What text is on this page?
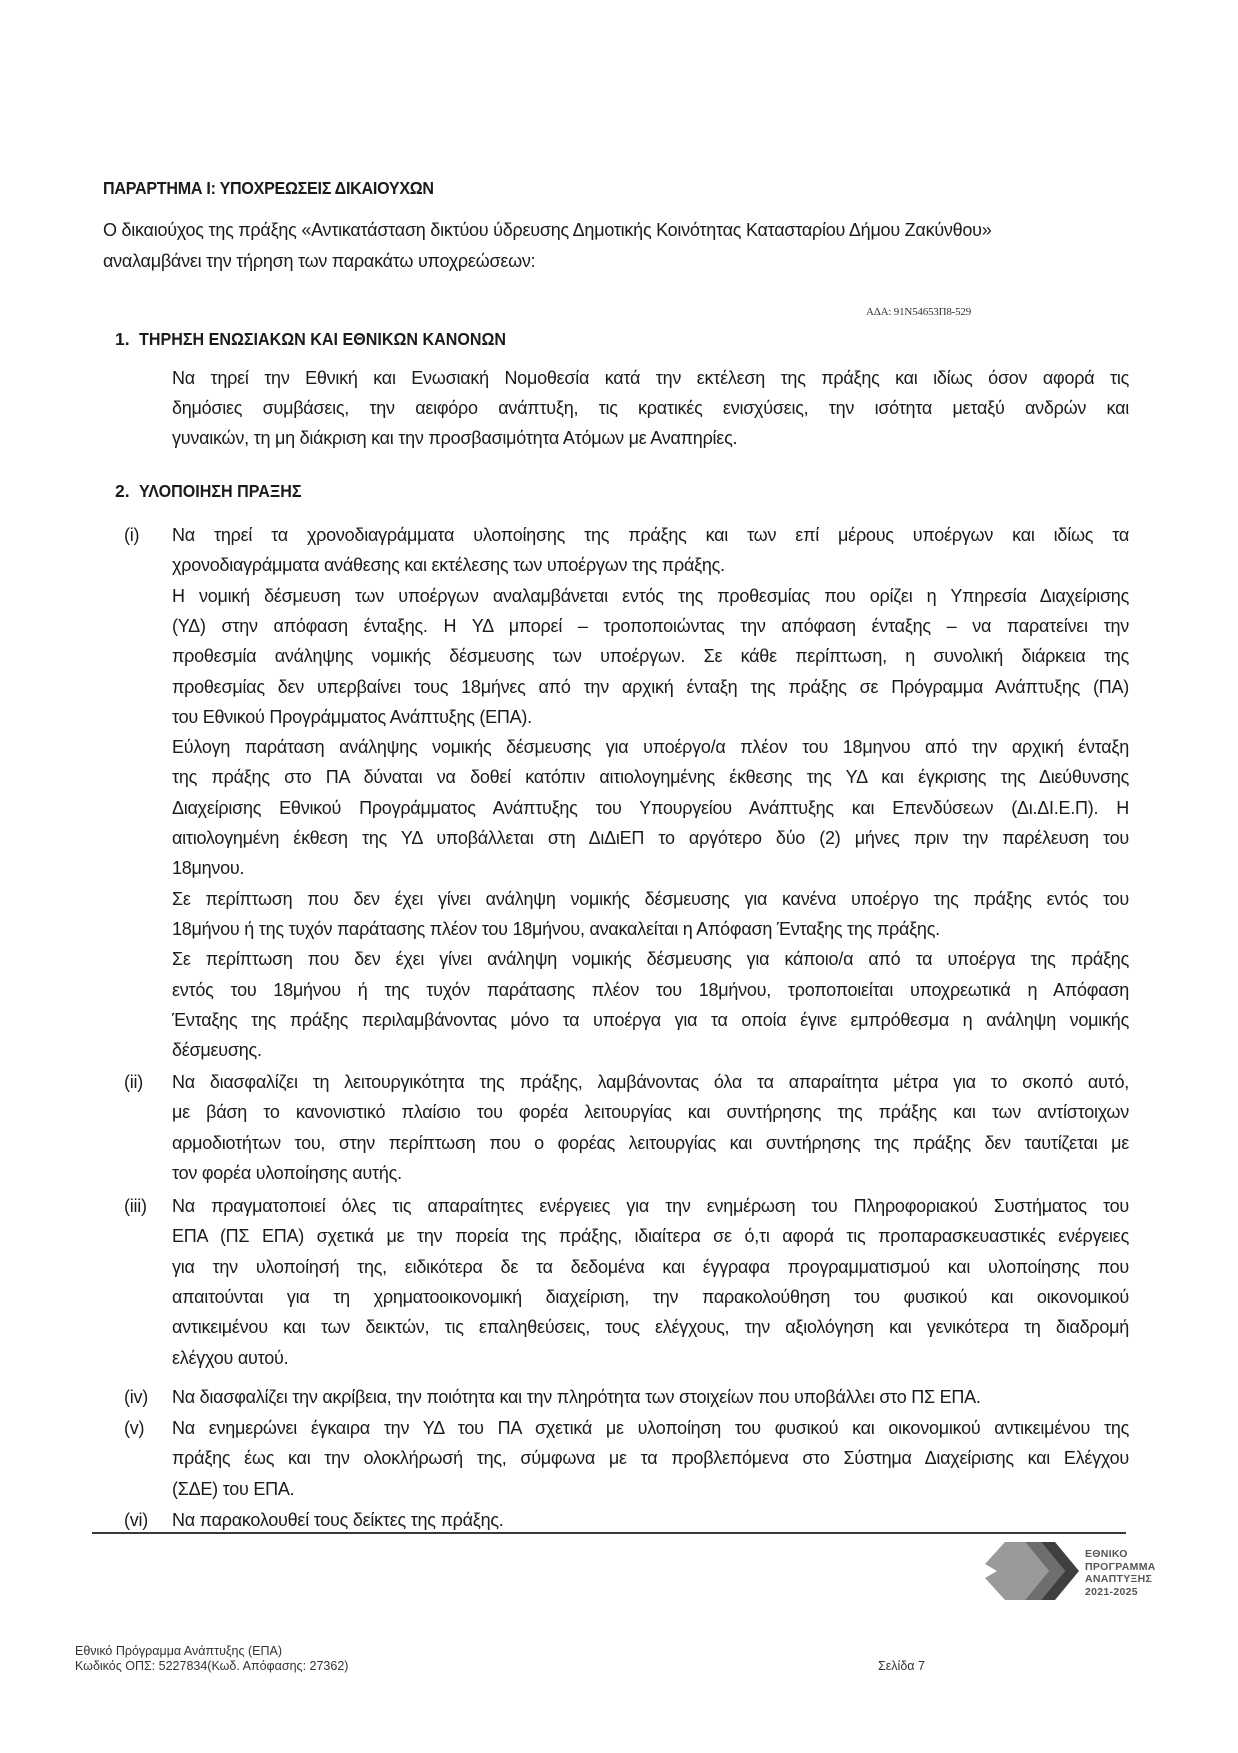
ΠΑΡΑΡΤΗΜΑ Ι: ΥΠΟΧΡΕΩΣΕΙΣ ΔΙΚΑΙΟΥΧΩΝ
Ο δικαιούχος της πράξης «Αντικατάσταση δικτύου ύδρευσης Δημοτικής Κοινότητας Κατασταρίου Δήμου Ζακύνθου»
αναλαμβάνει την τήρηση των παρακάτω υποχρεώσεων:
ΑΔΑ: 91Ν54653Π8-529
1. ΤΗΡΗΣΗ ΕΝΩΣΙΑΚΩΝ ΚΑΙ ΕΘΝΙΚΩΝ ΚΑΝΟΝΩΝ
Να τηρεί την Εθνική και Ενωσιακή Νομοθεσία κατά την εκτέλεση της πράξης και ιδίως όσον αφορά τις
δημόσιες συμβάσεις, την αειφόρο ανάπτυξη, τις κρατικές ενισχύσεις, την ισότητα μεταξύ ανδρών και
γυναικών, τη μη διάκριση και την προσβασιμότητα Ατόμων με Αναπηρίες.
2. ΥΛΟΠΟΙΗΣΗ ΠΡΑΞΗΣ
(i) Να τηρεί τα χρονοδιαγράμματα υλοποίησης της πράξης και των επί μέρους υποέργων και ιδίως τα
χρονοδιαγράμματα ανάθεσης και εκτέλεσης των υποέργων της πράξης.
Η νομική δέσμευση των υποέργων αναλαμβάνεται εντός της προθεσμίας που ορίζει η Υπηρεσία Διαχείρισης
(ΥΔ) στην απόφαση ένταξης. Η ΥΔ μπορεί – τροποποιώντας την απόφαση ένταξης – να παρατείνει την
προθεσμία ανάληψης νομικής δέσμευσης των υποέργων. Σε κάθε περίπτωση, η συνολική διάρκεια της
προθεσμίας δεν υπερβαίνει τους 18μήνες από την αρχική ένταξη της πράξης σε Πρόγραμμα Ανάπτυξης (ΠΑ)
του Εθνικού Προγράμματος Ανάπτυξης (ΕΠΑ).
Εύλογη παράταση ανάληψης νομικής δέσμευσης για υποέργο/α πλέον του 18μηνου από την αρχική ένταξη
της πράξης στο ΠΑ δύναται να δοθεί κατόπιν αιτιολογημένης έκθεσης της ΥΔ και έγκρισης της Διεύθυνσης
Διαχείρισης Εθνικού Προγράμματος Ανάπτυξης του Υπουργείου Ανάπτυξης και Επενδύσεων (Δι.ΔΙ.Ε.Π). Η
αιτιολογημένη έκθεση της ΥΔ υποβάλλεται στη ΔιΔιΕΠ το αργότερο δύο (2) μήνες πριν την παρέλευση του
18μηνου.
Σε περίπτωση που δεν έχει γίνει ανάληψη νομικής δέσμευσης για κανένα υποέργο της πράξης εντός του
18μήνου ή της τυχόν παράτασης πλέον του 18μήνου, ανακαλείται η Απόφαση Ένταξης της πράξης.
Σε περίπτωση που δεν έχει γίνει ανάληψη νομικής δέσμευσης για κάποιο/α από τα υποέργα της πράξης
εντός του 18μήνου ή της τυχόν παράτασης πλέον του 18μήνου, τροποποιείται υποχρεωτικά η Απόφαση
Ένταξης της πράξης περιλαμβάνοντας μόνο τα υποέργα για τα οποία έγινε εμπρόθεσμα η ανάληψη νομικής
δέσμευσης.
(ii) Να διασφαλίζει τη λειτουργικότητα της πράξης, λαμβάνοντας όλα τα απαραίτητα μέτρα για το σκοπό αυτό,
με βάση το κανονιστικό πλαίσιο του φορέα λειτουργίας και συντήρησης της πράξης και των αντίστοιχων
αρμοδιοτήτων του, στην περίπτωση που ο φορέας λειτουργίας και συντήρησης της πράξης δεν ταυτίζεται με
τον φορέα υλοποίησης αυτής.
(iii) Να πραγματοποιεί όλες τις απαραίτητες ενέργειες για την ενημέρωση του Πληροφοριακού Συστήματος του
ΕΠΑ (ΠΣ ΕΠΑ) σχετικά με την πορεία της πράξης, ιδιαίτερα σε ό,τι αφορά τις προπαρασκευαστικές ενέργειες
για την υλοποίησή της, ειδικότερα δε τα δεδομένα και έγγραφα προγραμματισμού και υλοποίησης που
απαιτούνται για τη χρηματοοικονομική διαχείριση, την παρακολούθηση του φυσικού και οικονομικού
αντικειμένου και των δεικτών, τις επαληθεύσεις, τους ελέγχους, την αξιολόγηση και γενικότερα τη διαδρομή
ελέγχου αυτού.
(iv) Να διασφαλίζει την ακρίβεια, την ποιότητα και την πληρότητα των στοιχείων που υποβάλλει στο ΠΣ ΕΠΑ.
(v) Να ενημερώνει έγκαιρα την ΥΔ του ΠΑ σχετικά με υλοποίηση του φυσικού και οικονομικού αντικειμένου της
πράξης έως και την ολοκλήρωσή της, σύμφωνα με τα προβλεπόμενα στο Σύστημα Διαχείρισης και Ελέγχου
(ΣΔΕ) του ΕΠΑ.
(vi) Να παρακολουθεί τους δείκτες της πράξης.
ΕΘΝΙΚΟ
ΠΡΟΓΡΑΜΜΑ
ΑΝΑΠΤΥΞΗΣ
2021-2025
Εθνικό Πρόγραμμα Ανάπτυξης (ΕΠΑ)
Κωδικός ΟΠΣ: 5227834(Κωδ. Απόφασης: 27362)	Σελίδα 7
